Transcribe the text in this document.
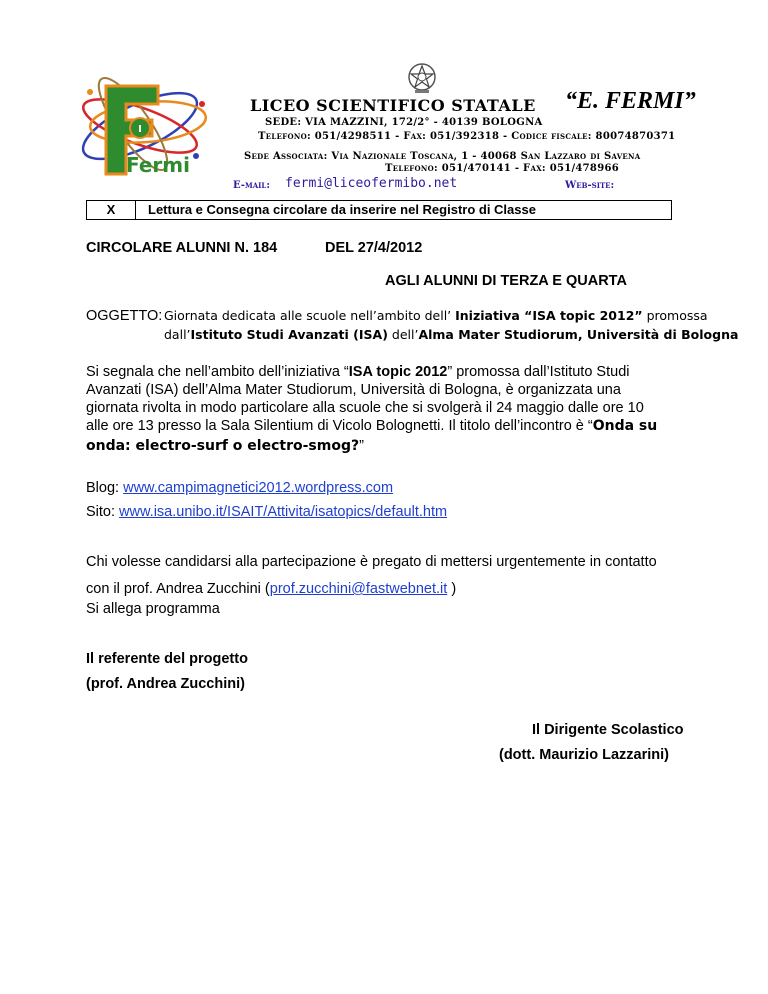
I
Fermi
LICEO SCIENTIFICO STATALE “E. FERMI”
SEDE: VIA MAZZINI, 172/2° - 40139 BOLOGNA
Telefono: 051/4298511 - Fax: 051/392318 - Codice fiscale: 80074870371
Sede Associata: Via Nazionale Toscana, 1 - 40068 San Lazzaro di Savena
Telefono: 051/470141 - Fax: 051/478966
E-mail: fermi@liceofermibo.net	Web-site:
X	Lettura e Consegna circolare da inserire nel Registro di Classe
CIRCOLARE ALUNNI N. 184	DEL 27/4/2012
AGLI ALUNNI DI TERZA E QUARTA
OGGETTO: Giornata dedicata alle scuole nell’ambito dell’ Iniziativa “ISA topic 2012” promossa
dall’Istituto Studi Avanzati (ISA) dell’Alma Mater Studiorum, Università di Bologna
Si segnala che nell’ambito dell’iniziativa “ISA topic 2012” promossa dall’Istituto Studi
Avanzati (ISA) dell’Alma Mater Studiorum, Università di Bologna, è organizzata una
giornata rivolta in modo particolare alla scuole che si svolgerà il 24 maggio dalle ore 10
alle ore 13 presso la Sala Silentium di Vicolo Bolognetti. Il titolo dell’incontro è “Onda su
onda: electro-surf o electro-smog?”
Blog: www.campimagnetici2012.wordpress.com
Sito: www.isa.unibo.it/ISAIT/Attivita/isatopics/default.htm
Chi volesse candidarsi alla partecipazione è pregato di mettersi urgentemente in contatto
con il prof. Andrea Zucchini (prof.zucchini@fastwebnet.it )
Si allega programma
Il referente del progetto
(prof. Andrea Zucchini)
Il Dirigente Scolastico
(dott. Maurizio Lazzarini)
